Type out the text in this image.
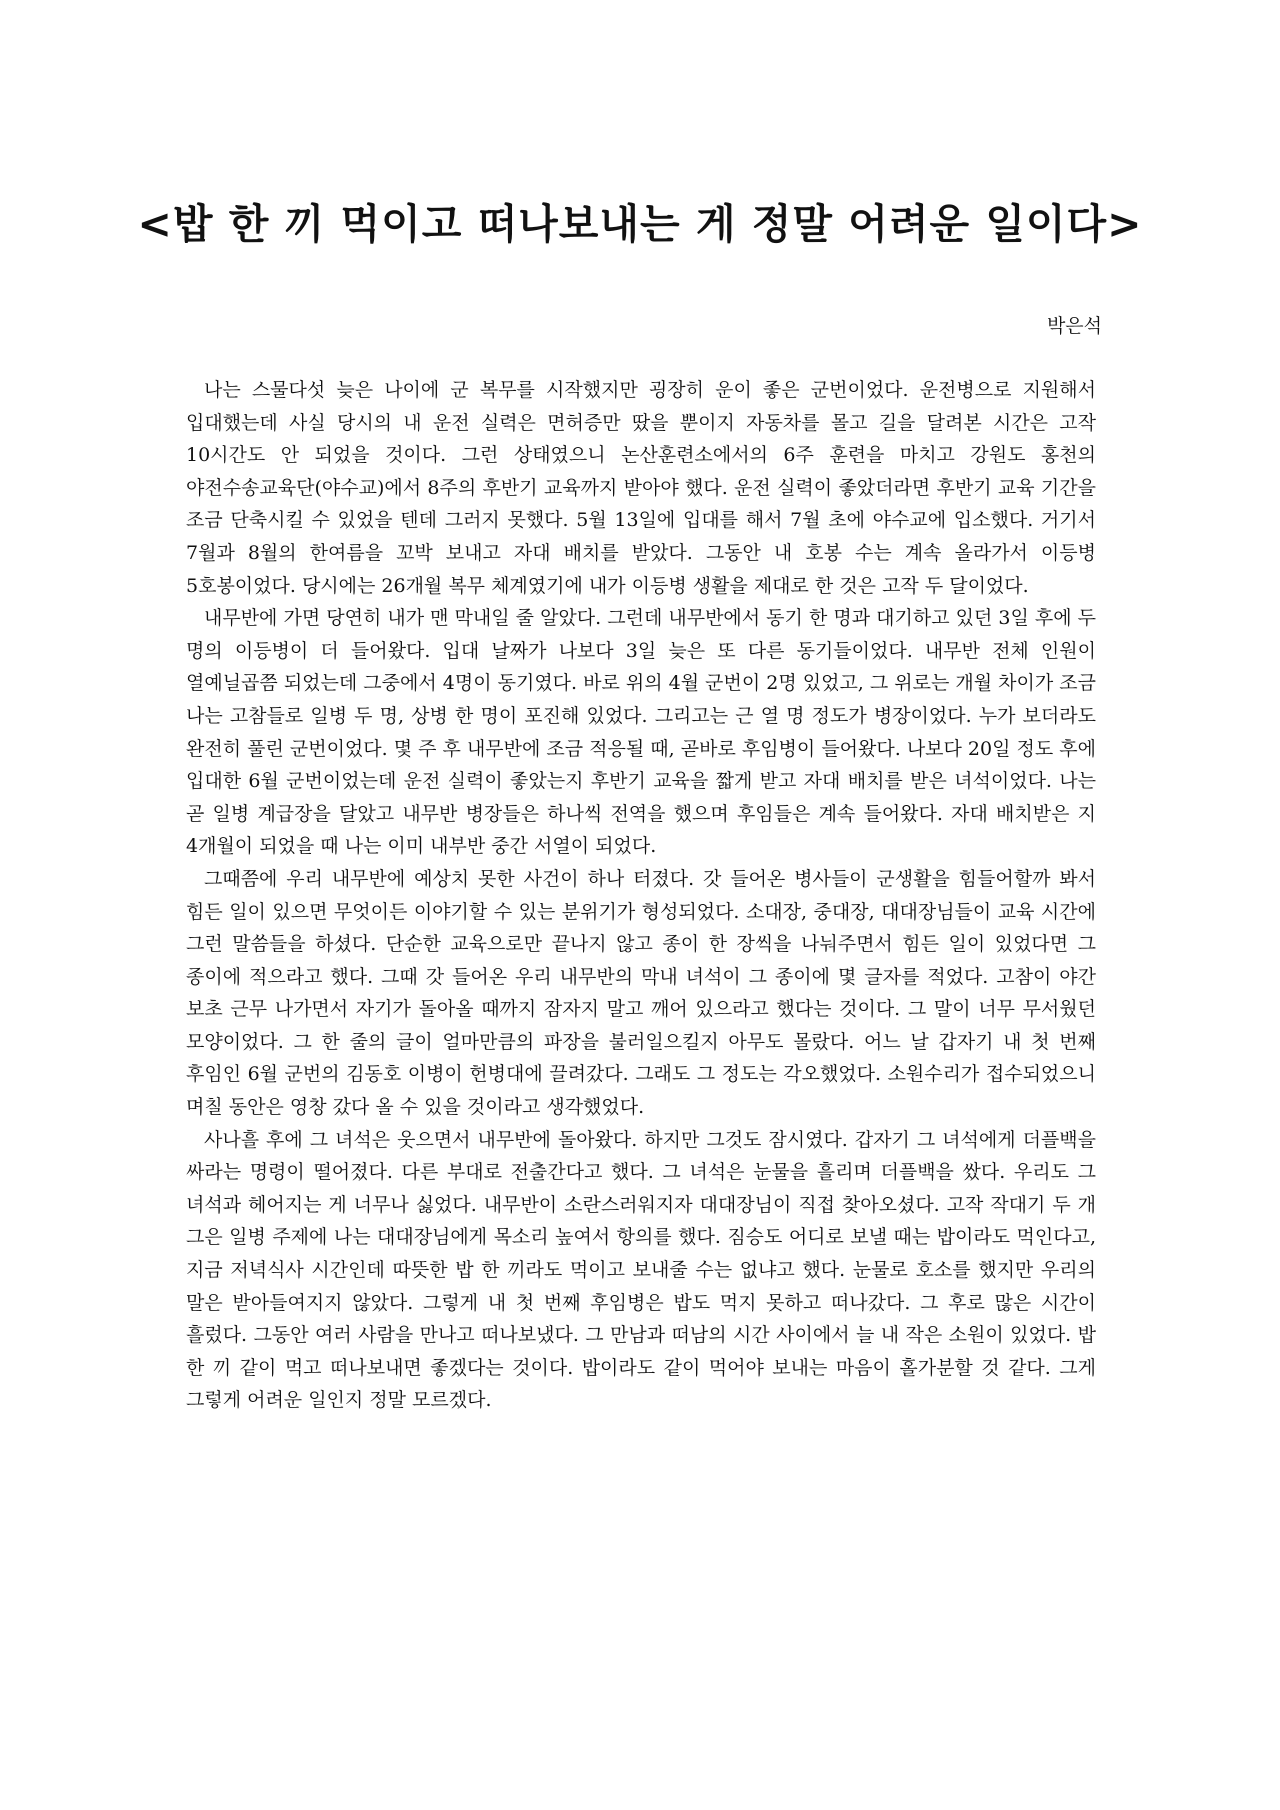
<밥 한 끼 먹이고 떠나보내는 게 정말 어려운 일이다>

박은석

나는 스물다섯 늦은 나이에 군 복무를 시작했지만 굉장히 운이 좋은 군번이었다. 운전병으로 지원해서 입대했는데 사실 당시의 내 운전 실력은 면허증만 땄을 뿐이지 자동차를 몰고 길을 달려본 시간은 고작 10시간도 안 되었을 것이다. 그런 상태였으니 논산훈련소에서의 6주 훈련을 마치고 강원도 홍천의 야전수송교육단(야수교)에서 8주의 후반기 교육까지 받아야 했다. 운전 실력이 좋았더라면 후반기 교육 기간을 조금 단축시킬 수 있었을 텐데 그러지 못했다. 5월 13일에 입대를 해서 7월 초에 야수교에 입소했다. 거기서 7월과 8월의 한여름을 꼬박 보내고 자대 배치를 받았다. 그동안 내 호봉 수는 계속 올라가서 이등병 5호봉이었다. 당시에는 26개월 복무 체계였기에 내가 이등병 생활을 제대로 한 것은 고작 두 달이었다.

내무반에 가면 당연히 내가 맨 막내일 줄 알았다. 그런데 내무반에서 동기 한 명과 대기하고 있던 3일 후에 두 명의 이등병이 더 들어왔다. 입대 날짜가 나보다 3일 늦은 또 다른 동기들이었다. 내무반 전체 인원이 열예닐곱쯤 되었는데 그중에서 4명이 동기였다. 바로 위의 4월 군번이 2명 있었고, 그 위로는 개월 차이가 조금 나는 고참들로 일병 두 명, 상병 한 명이 포진해 있었다. 그리고는 근 열 명 정도가 병장이었다. 누가 보더라도 완전히 풀린 군번이었다. 몇 주 후 내무반에 조금 적응될 때, 곧바로 후임병이 들어왔다. 나보다 20일 정도 후에 입대한 6월 군번이었는데 운전 실력이 좋았는지 후반기 교육을 짧게 받고 자대 배치를 받은 녀석이었다. 나는 곧 일병 계급장을 달았고 내무반 병장들은 하나씩 전역을 했으며 후임들은 계속 들어왔다. 자대 배치받은 지 4개월이 되었을 때 나는 이미 내부반 중간 서열이 되었다.

그때쯤에 우리 내무반에 예상치 못한 사건이 하나 터졌다. 갓 들어온 병사들이 군생활을 힘들어할까 봐서 힘든 일이 있으면 무엇이든 이야기할 수 있는 분위기가 형성되었다. 소대장, 중대장, 대대장님들이 교육 시간에 그런 말씀들을 하셨다. 단순한 교육으로만 끝나지 않고 종이 한 장씩을 나눠주면서 힘든 일이 있었다면 그 종이에 적으라고 했다. 그때 갓 들어온 우리 내무반의 막내 녀석이 그 종이에 몇 글자를 적었다. 고참이 야간 보초 근무 나가면서 자기가 돌아올 때까지 잠자지 말고 깨어 있으라고 했다는 것이다. 그 말이 너무 무서웠던 모양이었다. 그 한 줄의 글이 얼마만큼의 파장을 불러일으킬지 아무도 몰랐다. 어느 날 갑자기 내 첫 번째 후임인 6월 군번의 김동호 이병이 헌병대에 끌려갔다. 그래도 그 정도는 각오했었다. 소원수리가 접수되었으니 며칠 동안은 영창 갔다 올 수 있을 것이라고 생각했었다.

사나흘 후에 그 녀석은 웃으면서 내무반에 돌아왔다. 하지만 그것도 잠시였다. 갑자기 그 녀석에게 더플백을 싸라는 명령이 떨어졌다. 다른 부대로 전출간다고 했다. 그 녀석은 눈물을 흘리며 더플백을 쌌다. 우리도 그 녀석과 헤어지는 게 너무나 싫었다. 내무반이 소란스러워지자 대대장님이 직접 찾아오셨다. 고작 작대기 두 개 그은 일병 주제에 나는 대대장님에게 목소리 높여서 항의를 했다. 짐승도 어디로 보낼 때는 밥이라도 먹인다고, 지금 저녁식사 시간인데 따뜻한 밥 한 끼라도 먹이고 보내줄 수는 없냐고 했다. 눈물로 호소를 했지만 우리의 말은 받아들여지지 않았다. 그렇게 내 첫 번째 후임병은 밥도 먹지 못하고 떠나갔다. 그 후로 많은 시간이 흘렀다. 그동안 여러 사람을 만나고 떠나보냈다. 그 만남과 떠남의 시간 사이에서 늘 내 작은 소원이 있었다. 밥 한 끼 같이 먹고 떠나보내면 좋겠다는 것이다. 밥이라도 같이 먹어야 보내는 마음이 홀가분할 것 같다. 그게 그렇게 어려운 일인지 정말 모르겠다.
